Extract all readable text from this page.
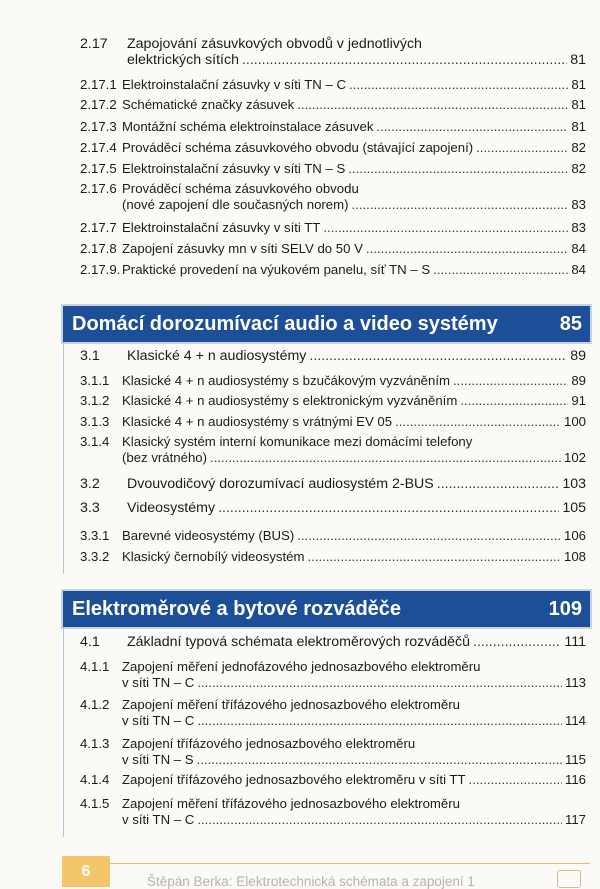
2.17 Zapojování zásuvkových obvodů v jednotlivých
elektrických sítích .....	81
2.17.1 Elektroinstalační zásuvky v síti TN – C .....	81
2.17.2 Schématické značky zásuvek .....	81
2.17.3 Montážní schéma elektroinstalace zásuvek .....	81
2.17.4 Prováděcí schéma zásuvkového obvodu (stávající zapojení) .....	82
2.17.5 Elektroinstalační zásuvky v síti TN – S .....	82
2.17.6 Prováděcí schéma zásuvkového obvodu
(nové zapojení dle současných norem) .....	83
2.17.7 Elektroinstalační zásuvky v síti TT .....	83
2.17.8 Zapojení zásuvky mn v síti SELV do 50 V .....	84
2.17.9. Praktické provedení na výukovém panelu, síť TN – S .....	84
Domácí dorozumívací audio a video systémy	85
3.1 Klasické 4 + n audiosystémy .....	89
3.1.1 Klasické 4 + n audiosystémy s bzučákovým vyzváněním .....	89
3.1.2 Klasické 4 + n audiosystémy s elektronickým vyzváněním .....	91
3.1.3 Klasické 4 + n audiosystémy s vrátnými EV 05 .....	100
3.1.4 Klasický systém interní komunikace mezi domácími telefony
(bez vrátného) .....	102
3.2 Dvouvodičový dorozumívací audiosystém 2-BUS .....	103
3.3 Videosystémy .....	105
3.3.1 Barevné videosystémy (BUS) .....	106
3.3.2 Klasický černobílý videosystém .....	108
Elektroměrové a bytové rozváděče	109
4.1 Základní typová schémata elektroměrových rozváděčů .....	111
4.1.1 Zapojení měření jednofázového jednosazbového elektroměru
v síti TN – C .....	113
4.1.2 Zapojení měření třífázového jednosazbového elektroměru
v síti TN – C .....	114
4.1.3 Zapojení třífázového jednosazbového elektroměru
v síti TN – S .....	115
4.1.4 Zapojení třífázového jednosazbového elektroměru v síti TT .....	116
4.1.5 Zapojení měření třífázového jednosazbového elektroměru
v síti TN – C .....	117
6
Štěpán Berka: Elektrotechnická schémata a zapojení 1
